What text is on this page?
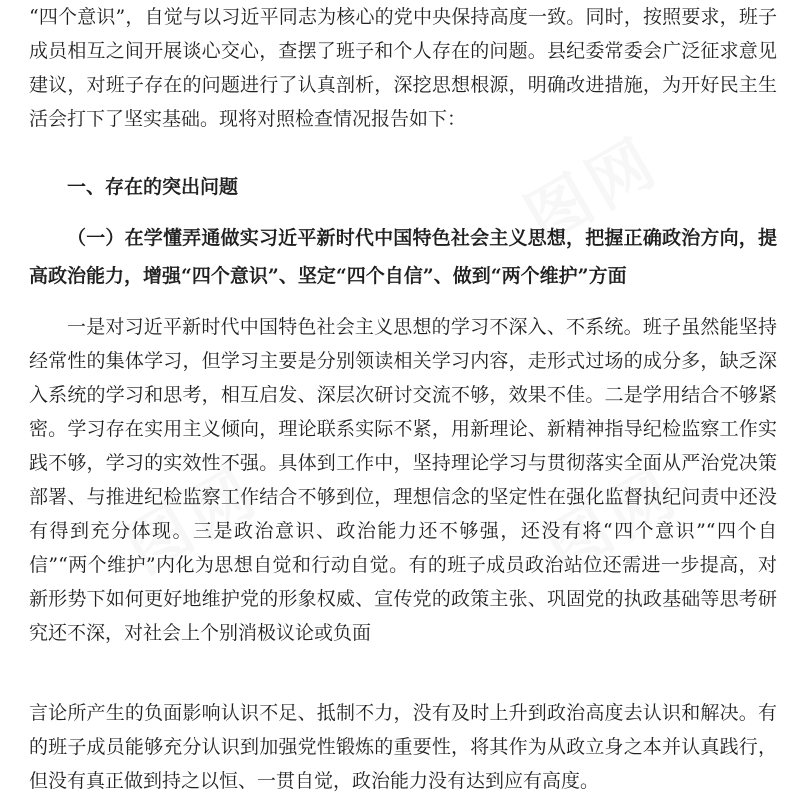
图网
图网	图网
“四个意识”，自觉与以习近平同志为核心的党中央保持高度一致。同时，按照要求，班子成员相互之间开展谈心交心，查摆了班子和个人存在的问题。县纪委常委会广泛征求意见建议，对班子存在的问题进行了认真剖析，深挖思想根源，明确改进措施，为开好民主生活会打下了坚实基础。现将对照检查情况报告如下：
一、存在的突出问题
（一）在学懂弄通做实习近平新时代中国特色社会主义思想，把握正确政治方向，提高政治能力，增强“四个意识”、坚定“四个自信”、做到“两个维护”方面
一是对习近平新时代中国特色社会主义思想的学习不深入、不系统。班子虽然能坚持经常性的集体学习，但学习主要是分别领读相关学习内容，走形式过场的成分多，缺乏深入系统的学习和思考，相互启发、深层次研讨交流不够，效果不佳。二是学用结合不够紧密。学习存在实用主义倾向，理论联系实际不紧，用新理论、新精神指导纪检监察工作实践不够，学习的实效性不强。具体到工作中，坚持理论学习与贯彻落实全面从严治党决策部署、与推进纪检监察工作结合不够到位，理想信念的坚定性在强化监督执纪问责中还没有得到充分体现。三是政治意识、政治能力还不够强，还没有将“四个意识”“四个自信”“两个维护”内化为思想自觉和行动自觉。有的班子成员政治站位还需进一步提高，对新形势下如何更好地维护党的形象权威、宣传党的政策主张、巩固党的执政基础等思考研究还不深，对社会上个别消极议论或负面
言论所产生的负面影响认识不足、抵制不力，没有及时上升到政治高度去认识和解决。有的班子成员能够充分认识到加强党性锻炼的重要性，将其作为从政立身之本并认真践行，但没有真正做到持之以恒、一贯自觉，政治能力没有达到应有高度。
